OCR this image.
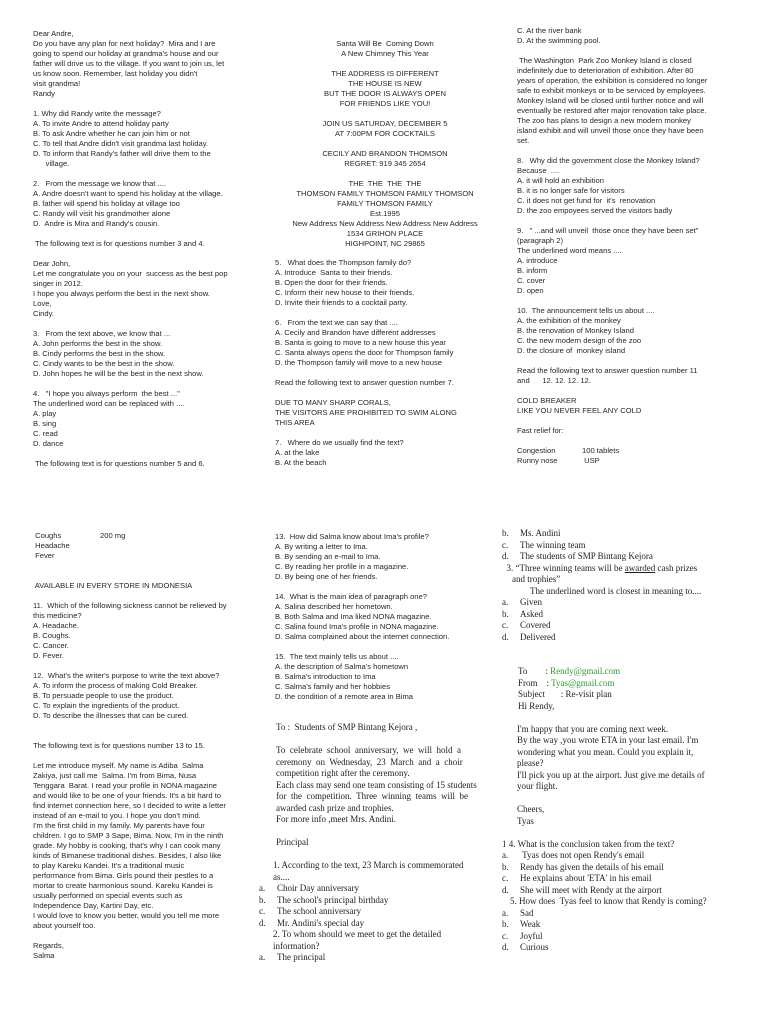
Dear Andre,
Do you have any plan for next holiday?  Mira and I are
going to spend our holiday at grandma's house and our
father will drive us to the village. If you want to join us, let
us know soon. Remember, last holiday you didn't
visit grandma!
Randy

1. Why did Randy write the message?
A. To invite Andre to attend holiday party
B. To ask Andre whether he can join him or not
C. To tell that Andre didn't visit grandma last holiday.
D. To inform that Randy's father will drive them to the
village.

2.   From the message we know that ....
A. Andre doesn't want to spend his holiday at the village.
B. father will spend his holiday at village too
C. Randy will visit his grandmother alone
D.  Andre is Mira and Randy's cousin.

The following text is for questions number 3 and 4.

Dear John,
Let me congratulate you on your  success as the best pop
singer in 2012.
I hope you always perform the best in the next show.
Love,
Cindy.

3.   From the text above, we know that ...
A. John performs the best in the show.
B. Cindy performs the best in the show.
C. Cindy wants to be the best in the show.
D. John hopes he will be the best in the next show.

4.   "I hope you always perform  the best ..."
The underlined word can be replaced with ....
A. play
B. sing
C. read
D. dance

The following text is for questions number 5 and 6.
Santa Will Be  Coming Down
A New Chimney This Year

THE ADDRESS IS DIFFERENT
THE HOUSE IS NEW
BUT THE DOOR IS ALWAYS OPEN
FOR FRIENDS LIKE YOU!

JOIN US SATURDAY, DECEMBER 5
AT 7:00PM FOR COCKTAILS

CECILY AND BRANDON THOMSON
REGRET: 919 345 2654

THE  THE  THE  THE
THOMSON FAMILY THOMSON FAMILY THOMSON
FAMILY THOMSON FAMILY
Est.1995
New Address New Address New Address New Address
1534 GRIHON PLACE
HIGHPOINT, NC 29865
5.   What does the Thompson family do?
A. Introduce  Santa to their friends.
B. Open the door for their friends.
C. Inform their new house to their friends.
D. Invite their friends to a cocktail party.

6.   From the text we can say that ....
A. Cecily and Brandon have different addresses
B. Santa is going to move to a new house this year
C. Santa always opens the door for Thompson family
D. the Thompson family will move to a new house

Read the following text to answer question number 7.

DUE TO MANY SHARP CORALS,
THE VISITORS ARE PROHIBITED TO SWIM ALONG
THIS AREA

7.   Where do we usually find the text?
A. at the lake
B. At the beach
C. At the river bank
D. At the swimming pool.

The Washington  Park Zoo Monkey Island is closed
indefinitely due to deterioration of exhibition. After 80
years of operation, the exhibition is considered no longer
safe to exhibit monkeys or to be serviced by employees.
Monkey Island will be closed until further notice and will
eventually be restored after major renovation take place.
The zoo has plans to design a new modern monkey
island exhibit and will unveil those once they have been
set.

8.   Why did the government close the Monkey Island?
Because  ....
A. it will hold an exhibition
B. it is no longer safe for visitors
C. it does not get fund for  it's  renovation
D. the zoo empoyees served the visitors badly

9.   " ...and will unveil  those once they have been set"
(paragraph 2)
The underlined word means ....
A. introduce
B. inform
C. cover
D. open

10.  The announcement tells us about ....
A. the exhibition of the monkey
B. the renovation of Monkey Island
C. the new modern design of the zoo
D. the closure of  monkey island

Read the following text to answer question number 11
and      12. 12. 12. 12.

COLD BREAKER
LIKE YOU NEVER FEEL ANY COLD

Fast relief for:

Congestion	100 tablets
Runny nose	USP
Coughs	200 mg
Headache
Fever

AVAILABLE IN EVERY STORE IN MDONESIA

11.  Which of the following sickness cannot be relieved by
this medicine?
A. Headache.
B. Coughs.
C. Cancer.
D. Fever.

12.  What's the writer's purpose to write the text above?
A. To inform the process of making Cold Breaker.
B. To persuade people to use the product.
C. To explain the ingredients of the product.
D. To describe the illnesses that can be cured.

The following text is for questions number 13 to 15.

Let me introduce myself. My name is Adiba  Salma
Zakiya, just call me  Salma. I'm from Bima, Nusa
Tenggara  Barat. I read your profile in NONA magazine
and would like to be one of your friends. It's a bit hard to
find internet connection here, so I decided to write a letter
instead of an e-mail to you. I hope you don't mind.
I'm the first child in my family. My parents have four
children. I go to SMP 3 Sape, Bima. Now, I'm in the ninth
grade. My hobby is cooking, that's why I can cook many
kinds of Bimanese traditional dishes. Besides, I also like
to play Kareku Kandei. It's a traditional music
performance from Bima. Girls pound their pestles to a
mortar to create harmonious sound. Kareku Kandei is
usually performed on special events such as
Independence Day, Kartini Day, etc.
I would love to know you better, would you tell me more
about yourself too.

Regards,
Salma
13.  How did Salma know about Ima's profile?
A. By writing a letter to Ima.
B. By sending an e-mail to Ima.
C. By reading her profile in a magazine.
D. By being one of her friends.

14.  What is the main idea of paragraph one?
A. Salina described her hometown.
B. Both Salma and Ima liked NONA magazine.
C. Salina found Ima's profile in NONA magazine.
D. Salma complained about the internet connection.

15.  The text mainly tells us about ....
A. the description of Salma's hometown
B. Salma's introduction to Ima
C. Salma's family and her hobbies
D. the condition of a remote area in Bima
To :  Students of SMP Bintang Kejora ,

To  celebrate  school  anniversary,  we  will  hold  a
ceremony  on  Wednesday,  23  March  and  a  choir
competition right after the ceremony.
Each class may send one team consisting of 15 students
for  the  competition.  Three  winning  teams  will  be
awarded cash prize and trophies.
For more info ,meet Mrs. Andini.

Principal

1. According to the text, 23 March is commemorated
as....
a. Choir Day anniversary
b. The school's principal birthday
c. The school anniversary
d. Mr. Andini's special day
2. To whom should we meet to get the detailed
information?
a. The principal
b. Ms. Andini
c. The winning team
d. The students of SMP Bintang Kejora
3. “Three winning teams will be awarded cash prizes
and trophies”
The underlined word is closest in meaning to....
a. Given
b. Asked
c. Covered
d. Delivered

To        : Rendy@gmail.com
From    : Tyas@gmail.com
Subject       : Re-visit plan
Hi Rendy,

I'm happy that you are coming next week.
By the way ,you wrote ETA in your last email. I'm
wondering what you mean. Could you explain it,
please?
I'll pick you up at the airport. Just give me details of
your flight.

Cheers,
Tyas

1 4. What is the conclusion taken from the text?
a. Tyas does not open Rendy's email
b. Rendy has given the details of his email
c. He explains about 'ETA' in his email
d. She will meet with Rendy at the airport
5. How does  Tyas feel to know that Rendy is coming?
a. Sad
b. Weak
c. Joyful
d. Curious
